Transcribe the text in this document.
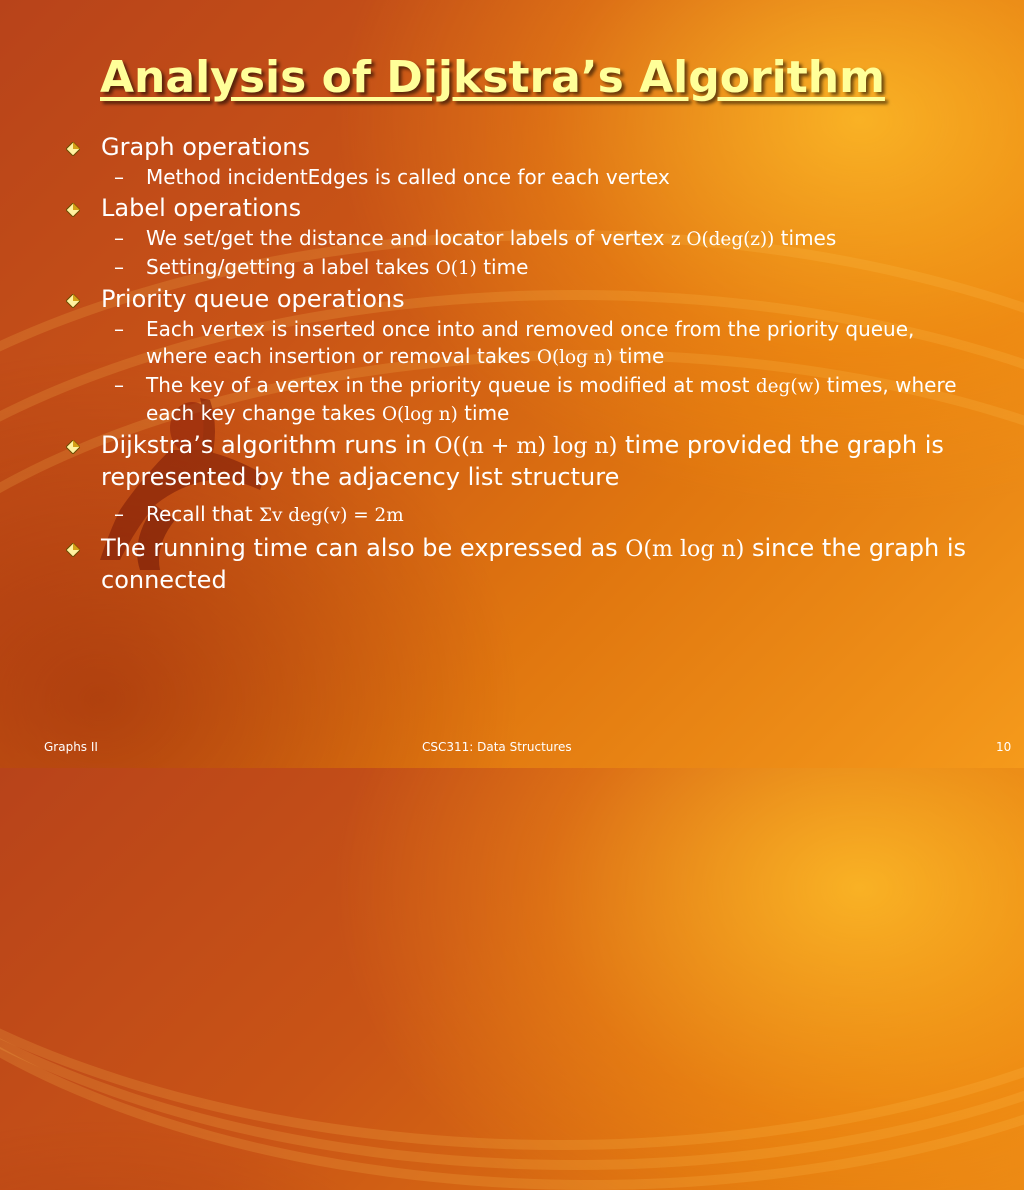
Analysis of Dijkstra’s Algorithm
Graph operations
– Method incidentEdges is called once for each vertex
Label operations
– We set/get the distance and locator labels of vertex z O(deg(z)) times
– Setting/getting a label takes O(1) time
Priority queue operations
– Each vertex is inserted once into and removed once from the priority queue, where each insertion or removal takes O(log n) time
– The key of a vertex in the priority queue is modified at most deg(w) times, where each key change takes O(log n) time
Dijkstra’s algorithm runs in O((n + m) log n) time provided the graph is represented by the adjacency list structure
– Recall that Σv deg(v) = 2m
The running time can also be expressed as O(m log n) since the graph is connected
Graphs II	CSC311: Data Structures	10
